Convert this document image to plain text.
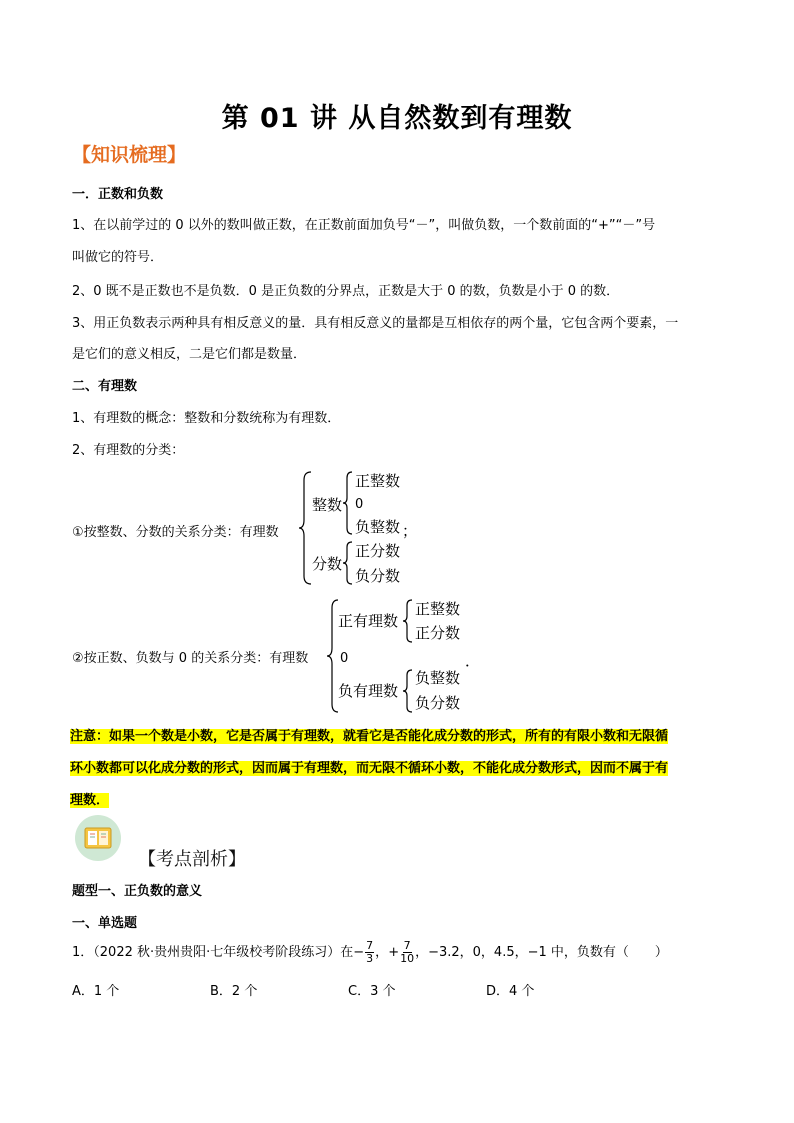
第 01 讲 从自然数到有理数
【知识梳理】
一．正数和负数
1、在以前学过的 0 以外的数叫做正数，在正数前面加负号“－”，叫做负数，一个数前面的“+”“－”号
叫做它的符号．
2、0 既不是正数也不是负数．0 是正负数的分界点，正数是大于 0 的数，负数是小于 0 的数．
3、用正负数表示两种具有相反意义的量．具有相反意义的量都是互相依存的两个量，它包含两个要素，一
是它们的意义相反，二是它们都是数量．
二、有理数
1、有理数的概念：整数和分数统称为有理数．
2、有理数的分类：
①按整数、分数的关系分类：有理数
整数
正整数
0
负整数 ；
分数
正分数
负分数
②按正数、负数与 0 的关系分类：有理数
正有理数
正整数
正分数
0
负有理数
负整数
负分数
．
注意：如果一个数是小数，它是否属于有理数，就看它是否能化成分数的形式，所有的有限小数和无限循
环小数都可以化成分数的形式，因而属于有理数，而无限不循环小数，不能化成分数形式，因而不属于有
理数．
【考点剖析】
题型一、正负数的意义
一、单选题
1．（2022 秋·贵州贵阳·七年级校考阶段练习）在− $\frac{7}{3}$ ，+ $\frac{7}{10}$ ，−3.2，0，4.5，−1 中，负数有（　　）
A．1 个	B．2 个	C．3 个	D．4 个
